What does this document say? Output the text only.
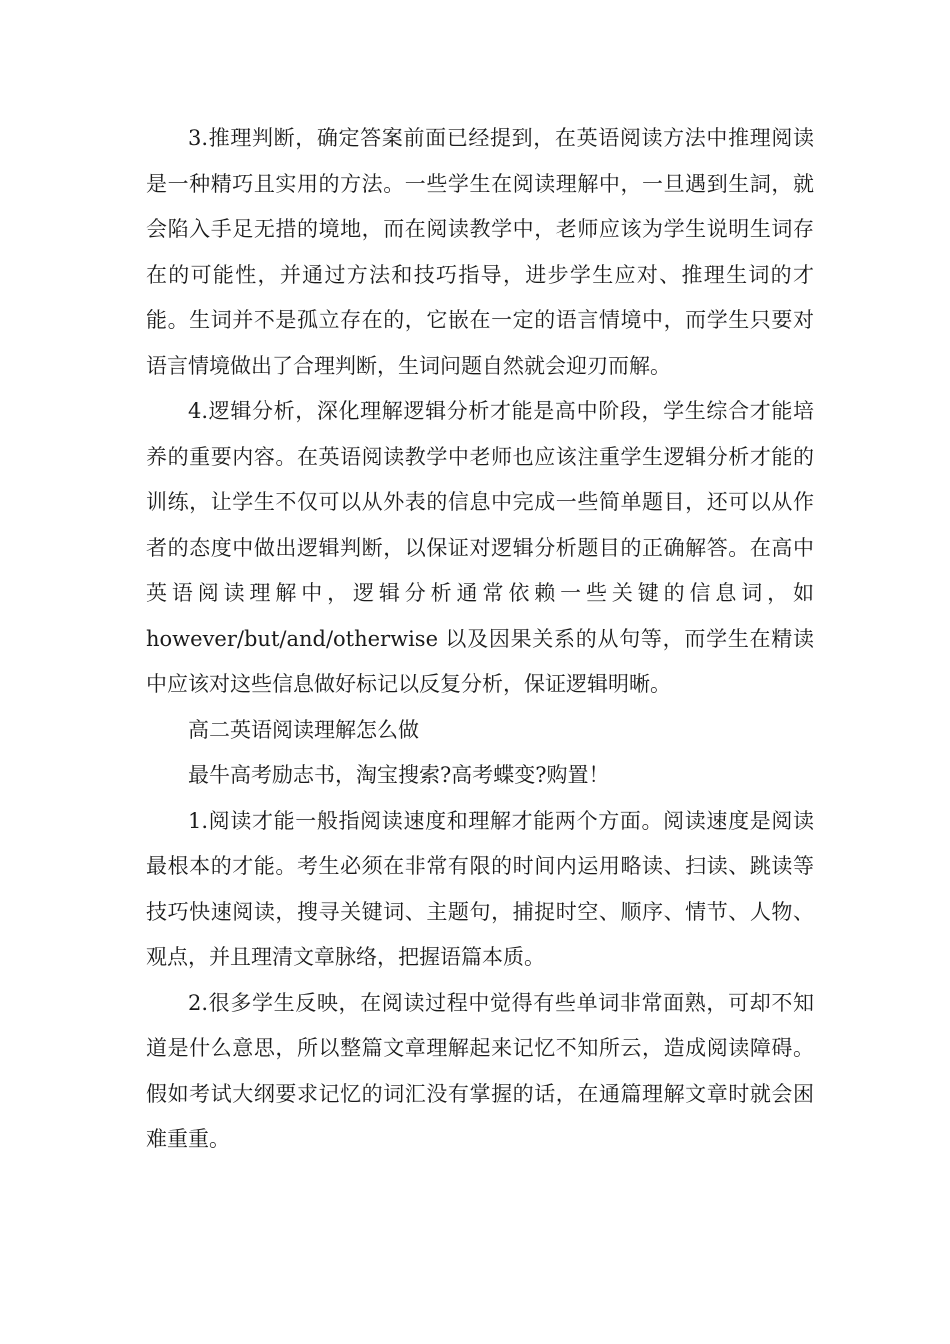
3.推理判断，确定答案前面已经提到，在英语阅读方法中推理阅读是一种精巧且实用的方法。一些学生在阅读理解中，一旦遇到生詞，就会陷入手足无措的境地，而在阅读教学中，老师应该为学生说明生词存在的可能性，并通过方法和技巧指导，进步学生应对、推理生词的才能。生词并不是孤立存在的，它嵌在一定的语言情境中，而学生只要对语言情境做出了合理判断，生词问题自然就会迎刃而解。

4.逻辑分析，深化理解逻辑分析才能是高中阶段，学生综合才能培养的重要内容。在英语阅读教学中老师也应该注重学生逻辑分析才能的训练，让学生不仅可以从外表的信息中完成一些简单题目，还可以从作者的态度中做出逻辑判断，以保证对逻辑分析题目的正确解答。在高中英语阅读理解中，逻辑分析通常依赖一些关键的信息词，如 however/but/and/otherwise 以及因果关系的从句等，而学生在精读中应该对这些信息做好标记以反复分析，保证逻辑明晰。

高二英语阅读理解怎么做

最牛高考励志书，淘宝搜索?高考蝶变?购置！

1.阅读才能一般指阅读速度和理解才能两个方面。阅读速度是阅读最根本的才能。考生必须在非常有限的时间内运用略读、扫读、跳读等技巧快速阅读，搜寻关键词、主题句，捕捉时空、顺序、情节、人物、观点，并且理清文章脉络，把握语篇本质。

2.很多学生反映，在阅读过程中觉得有些单词非常面熟，可却不知道是什么意思，所以整篇文章理解起来记忆不知所云，造成阅读障碍。假如考试大纲要求记忆的词汇没有掌握的话，在通篇理解文章时就会困难重重。
